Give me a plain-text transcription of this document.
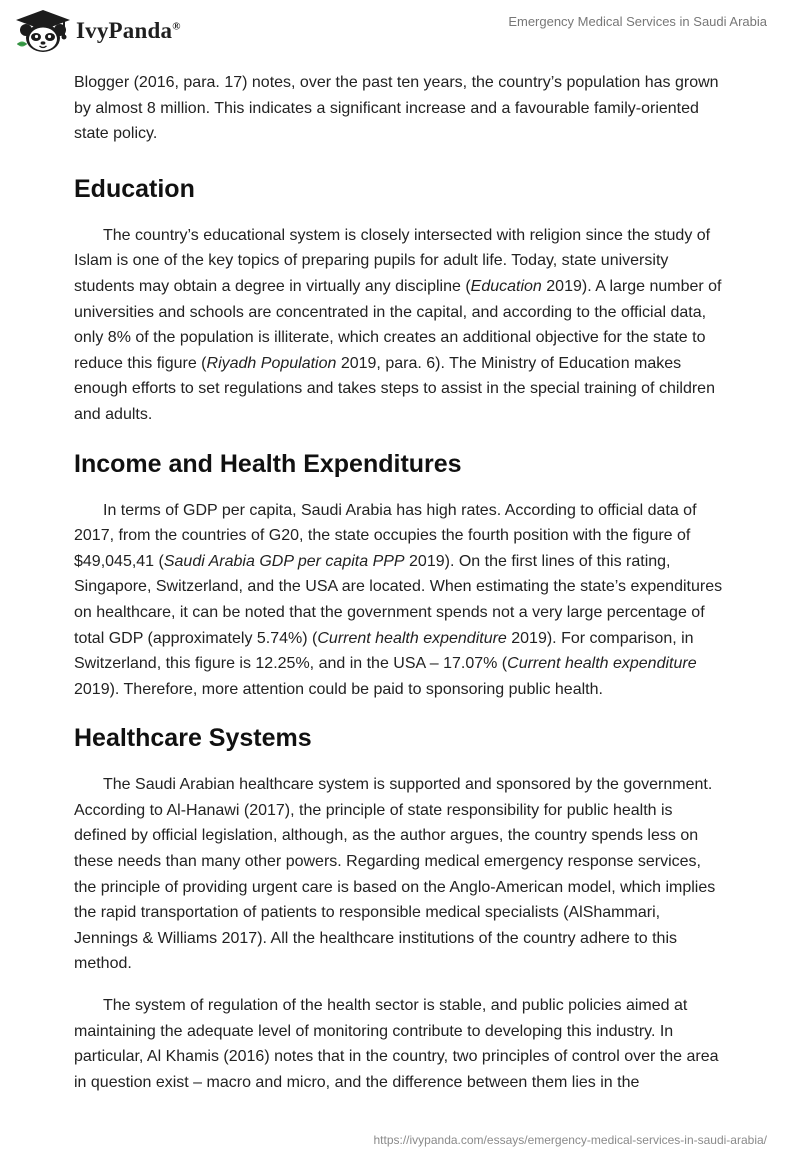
IvyPanda®	Emergency Medical Services in Saudi Arabia

Blogger (2016, para. 17) notes, over the past ten years, the country’s population has grown by almost 8 million. This indicates a significant increase and a favourable family-oriented state policy.

Education

The country’s educational system is closely intersected with religion since the study of Islam is one of the key topics of preparing pupils for adult life. Today, state university students may obtain a degree in virtually any discipline (Education 2019). A large number of universities and schools are concentrated in the capital, and according to the official data, only 8% of the population is illiterate, which creates an additional objective for the state to reduce this figure (Riyadh Population 2019, para. 6). The Ministry of Education makes enough efforts to set regulations and takes steps to assist in the special training of children and adults.

Income and Health Expenditures

In terms of GDP per capita, Saudi Arabia has high rates. According to official data of 2017, from the countries of G20, the state occupies the fourth position with the figure of $49,045,41 (Saudi Arabia GDP per capita PPP 2019). On the first lines of this rating, Singapore, Switzerland, and the USA are located. When estimating the state’s expenditures on healthcare, it can be noted that the government spends not a very large percentage of total GDP (approximately 5.74%) (Current health expenditure 2019). For comparison, in Switzerland, this figure is 12.25%, and in the USA – 17.07% (Current health expenditure 2019). Therefore, more attention could be paid to sponsoring public health.

Healthcare Systems

The Saudi Arabian healthcare system is supported and sponsored by the government. According to Al-Hanawi (2017), the principle of state responsibility for public health is defined by official legislation, although, as the author argues, the country spends less on these needs than many other powers. Regarding medical emergency response services, the principle of providing urgent care is based on the Anglo-American model, which implies the rapid transportation of patients to responsible medical specialists (AlShammari, Jennings & Williams 2017). All the healthcare institutions of the country adhere to this method.

The system of regulation of the health sector is stable, and public policies aimed at maintaining the adequate level of monitoring contribute to developing this industry. In particular, Al Khamis (2016) notes that in the country, two principles of control over the area in question exist – macro and micro, and the difference between them lies in the

https://ivypanda.com/essays/emergency-medical-services-in-saudi-arabia/
